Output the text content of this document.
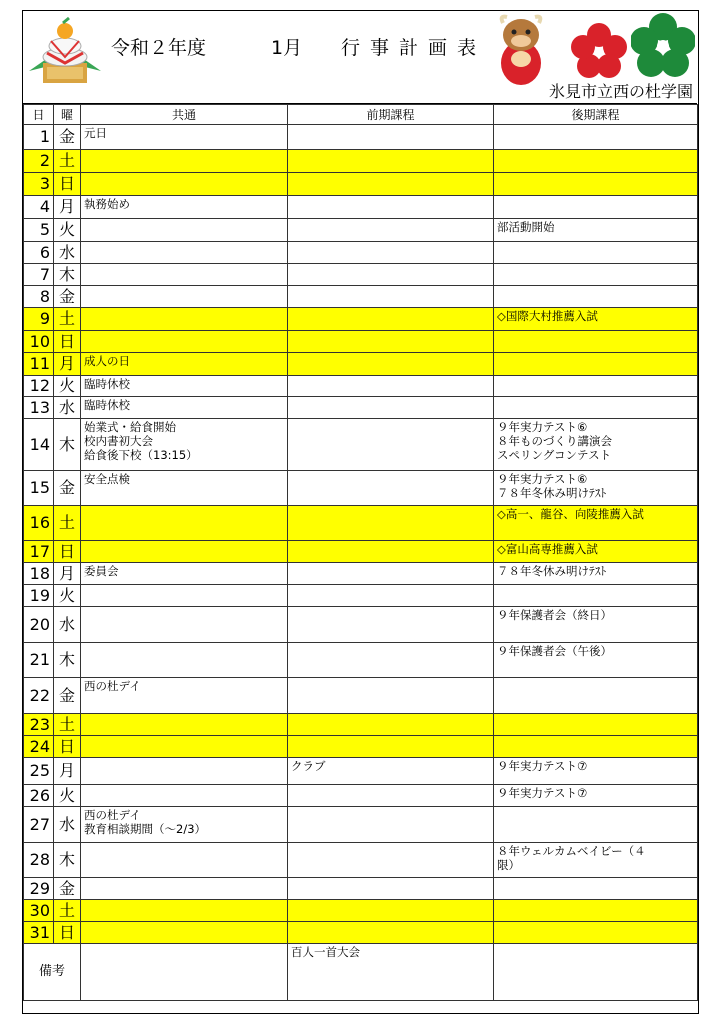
令和２年度	1月 行事計画表
氷見市立西の杜学園
日	曜	共通	前期課程	後期課程
1	金	元日		

2	土			
3	日			
4	月	執務始め		

5	火			部活動開始

6	水			
7	木			
8	金			
9	土			◇国際大村推薦入試

10	日			
11	月	成人の日		

12	火	臨時休校		

13	水	臨時休校		

14	木	始業式・給食開始
校内書初大会
給食後下校（13:15）		９年実力テスト⑥
８年ものづくり講演会
スペリングコンテスト

15	金	安全点検		９年実力テスト⑥
７８年冬休み明けﾃｽﾄ

16	土			◇高一、龍谷、向陵推薦入試

17	日			◇富山高専推薦入試

18	月	委員会		７８年冬休み明けﾃｽﾄ

19	火			
20	水			９年保護者会（終日）

21	木			９年保護者会（午後）

22	金	西の杜デイ		

23	土			
24	日			
25	月		クラブ	９年実力テスト⑦

26	火			９年実力テスト⑦

27	水	西の杜デイ
教育相談期間（～2/3）		

28	木			８年ウェルカムベイビー（４
限）

29	金			
30	土			
31	日			
備考			百人一首大会	
